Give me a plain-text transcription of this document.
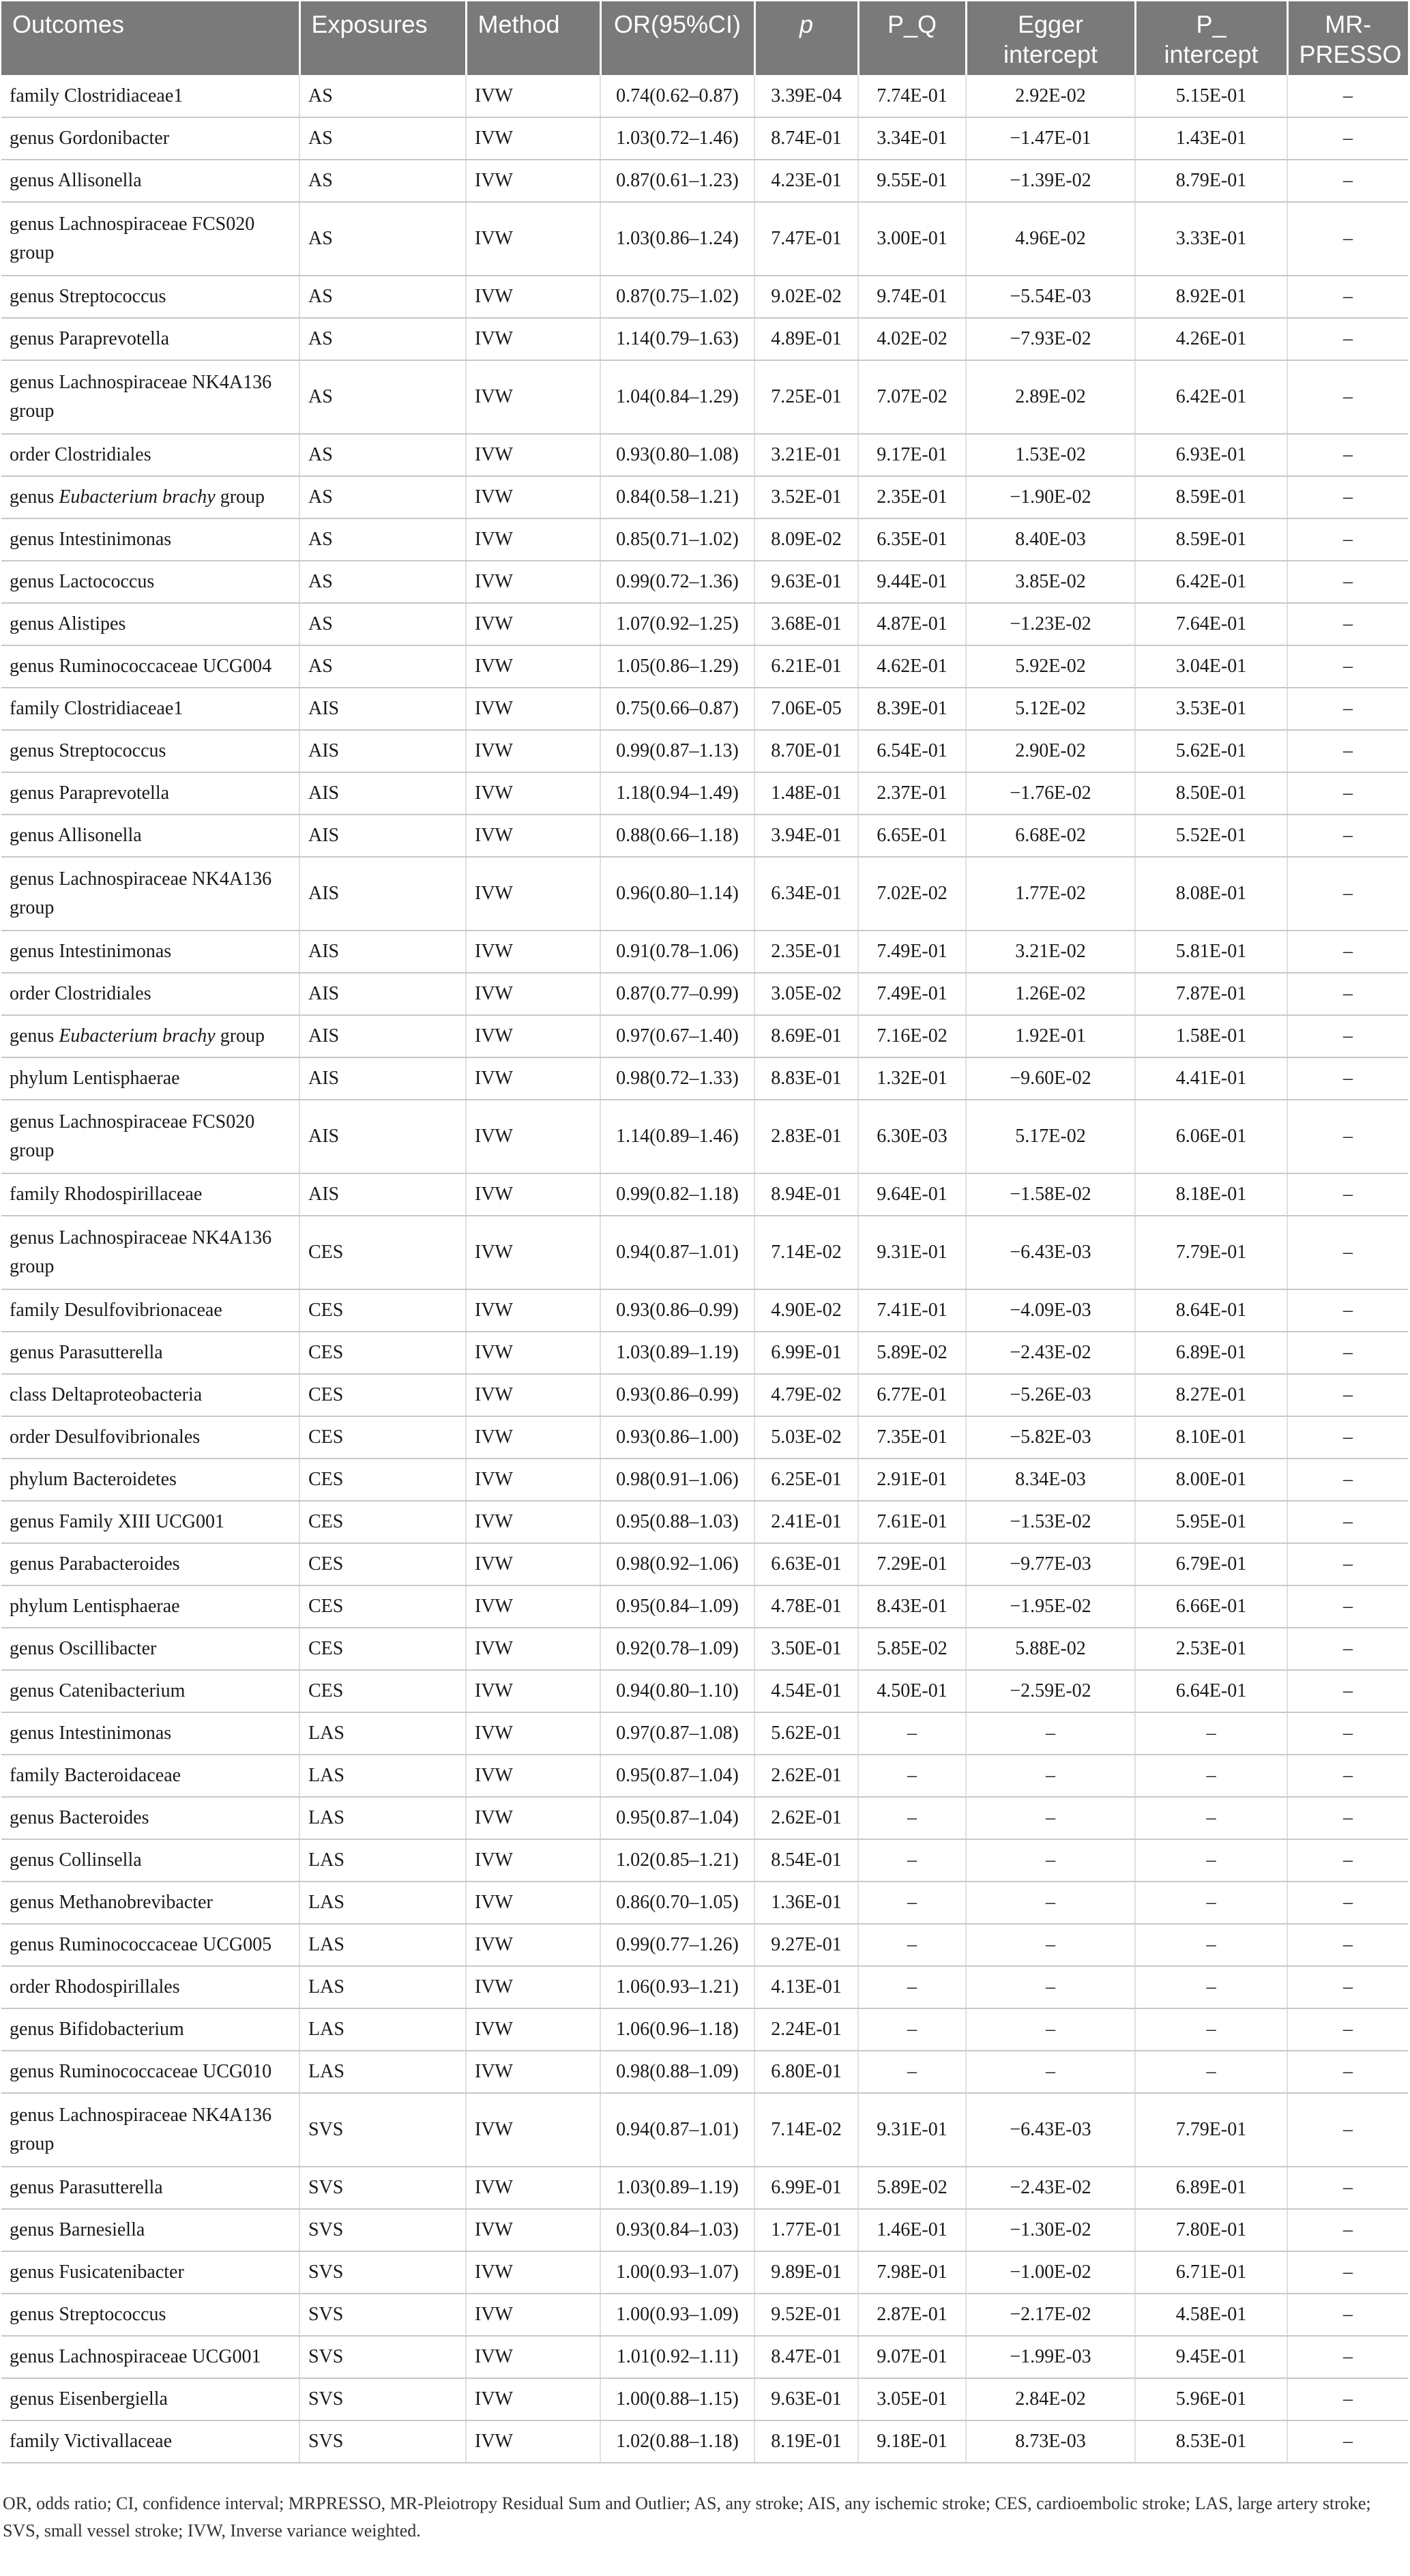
Outcomes	Exposures	Method	OR(95%CI)	p	P_Q	Egger intercept	P_ intercept	MR-PRESSO
family Clostridiaceae1	AS	IVW	0.74(0.62–0.87)	3.39E-04	7.74E-01	2.92E-02	5.15E-01	–
genus Gordonibacter	AS	IVW	1.03(0.72–1.46)	8.74E-01	3.34E-01	−1.47E-01	1.43E-01	–
genus Allisonella	AS	IVW	0.87(0.61–1.23)	4.23E-01	9.55E-01	−1.39E-02	8.79E-01	–
genus Lachnospiraceae FCS020 group	AS	IVW	1.03(0.86–1.24)	7.47E-01	3.00E-01	4.96E-02	3.33E-01	–
genus Streptococcus	AS	IVW	0.87(0.75–1.02)	9.02E-02	9.74E-01	−5.54E-03	8.92E-01	–
genus Paraprevotella	AS	IVW	1.14(0.79–1.63)	4.89E-01	4.02E-02	−7.93E-02	4.26E-01	–
genus Lachnospiraceae NK4A136 group	AS	IVW	1.04(0.84–1.29)	7.25E-01	7.07E-02	2.89E-02	6.42E-01	–
order Clostridiales	AS	IVW	0.93(0.80–1.08)	3.21E-01	9.17E-01	1.53E-02	6.93E-01	–
genus Eubacterium brachy group	AS	IVW	0.84(0.58–1.21)	3.52E-01	2.35E-01	−1.90E-02	8.59E-01	–
genus Intestinimonas	AS	IVW	0.85(0.71–1.02)	8.09E-02	6.35E-01	8.40E-03	8.59E-01	–
genus Lactococcus	AS	IVW	0.99(0.72–1.36)	9.63E-01	9.44E-01	3.85E-02	6.42E-01	–
genus Alistipes	AS	IVW	1.07(0.92–1.25)	3.68E-01	4.87E-01	−1.23E-02	7.64E-01	–
genus Ruminococcaceae UCG004	AS	IVW	1.05(0.86–1.29)	6.21E-01	4.62E-01	5.92E-02	3.04E-01	–
family Clostridiaceae1	AIS	IVW	0.75(0.66–0.87)	7.06E-05	8.39E-01	5.12E-02	3.53E-01	–
genus Streptococcus	AIS	IVW	0.99(0.87–1.13)	8.70E-01	6.54E-01	2.90E-02	5.62E-01	–
genus Paraprevotella	AIS	IVW	1.18(0.94–1.49)	1.48E-01	2.37E-01	−1.76E-02	8.50E-01	–
genus Allisonella	AIS	IVW	0.88(0.66–1.18)	3.94E-01	6.65E-01	6.68E-02	5.52E-01	–
genus Lachnospiraceae NK4A136 group	AIS	IVW	0.96(0.80–1.14)	6.34E-01	7.02E-02	1.77E-02	8.08E-01	–
genus Intestinimonas	AIS	IVW	0.91(0.78–1.06)	2.35E-01	7.49E-01	3.21E-02	5.81E-01	–
order Clostridiales	AIS	IVW	0.87(0.77–0.99)	3.05E-02	7.49E-01	1.26E-02	7.87E-01	–
genus Eubacterium brachy group	AIS	IVW	0.97(0.67–1.40)	8.69E-01	7.16E-02	1.92E-01	1.58E-01	–
phylum Lentisphaerae	AIS	IVW	0.98(0.72–1.33)	8.83E-01	1.32E-01	−9.60E-02	4.41E-01	–
genus Lachnospiraceae FCS020 group	AIS	IVW	1.14(0.89–1.46)	2.83E-01	6.30E-03	5.17E-02	6.06E-01	–
family Rhodospirillaceae	AIS	IVW	0.99(0.82–1.18)	8.94E-01	9.64E-01	−1.58E-02	8.18E-01	–
genus Lachnospiraceae NK4A136 group	CES	IVW	0.94(0.87–1.01)	7.14E-02	9.31E-01	−6.43E-03	7.79E-01	–
family Desulfovibrionaceae	CES	IVW	0.93(0.86–0.99)	4.90E-02	7.41E-01	−4.09E-03	8.64E-01	–
genus Parasutterella	CES	IVW	1.03(0.89–1.19)	6.99E-01	5.89E-02	−2.43E-02	6.89E-01	–
class Deltaproteobacteria	CES	IVW	0.93(0.86–0.99)	4.79E-02	6.77E-01	−5.26E-03	8.27E-01	–
order Desulfovibrionales	CES	IVW	0.93(0.86–1.00)	5.03E-02	7.35E-01	−5.82E-03	8.10E-01	–
phylum Bacteroidetes	CES	IVW	0.98(0.91–1.06)	6.25E-01	2.91E-01	8.34E-03	8.00E-01	–
genus Family XIII UCG001	CES	IVW	0.95(0.88–1.03)	2.41E-01	7.61E-01	−1.53E-02	5.95E-01	–
genus Parabacteroides	CES	IVW	0.98(0.92–1.06)	6.63E-01	7.29E-01	−9.77E-03	6.79E-01	–
phylum Lentisphaerae	CES	IVW	0.95(0.84–1.09)	4.78E-01	8.43E-01	−1.95E-02	6.66E-01	–
genus Oscillibacter	CES	IVW	0.92(0.78–1.09)	3.50E-01	5.85E-02	5.88E-02	2.53E-01	–
genus Catenibacterium	CES	IVW	0.94(0.80–1.10)	4.54E-01	4.50E-01	−2.59E-02	6.64E-01	–
genus Intestinimonas	LAS	IVW	0.97(0.87–1.08)	5.62E-01	–	–	–	–
family Bacteroidaceae	LAS	IVW	0.95(0.87–1.04)	2.62E-01	–	–	–	–
genus Bacteroides	LAS	IVW	0.95(0.87–1.04)	2.62E-01	–	–	–	–
genus Collinsella	LAS	IVW	1.02(0.85–1.21)	8.54E-01	–	–	–	–
genus Methanobrevibacter	LAS	IVW	0.86(0.70–1.05)	1.36E-01	–	–	–	–
genus Ruminococcaceae UCG005	LAS	IVW	0.99(0.77–1.26)	9.27E-01	–	–	–	–
order Rhodospirillales	LAS	IVW	1.06(0.93–1.21)	4.13E-01	–	–	–	–
genus Bifidobacterium	LAS	IVW	1.06(0.96–1.18)	2.24E-01	–	–	–	–
genus Ruminococcaceae UCG010	LAS	IVW	0.98(0.88–1.09)	6.80E-01	–	–	–	–
genus Lachnospiraceae NK4A136 group	SVS	IVW	0.94(0.87–1.01)	7.14E-02	9.31E-01	−6.43E-03	7.79E-01	–
genus Parasutterella	SVS	IVW	1.03(0.89–1.19)	6.99E-01	5.89E-02	−2.43E-02	6.89E-01	–
genus Barnesiella	SVS	IVW	0.93(0.84–1.03)	1.77E-01	1.46E-01	−1.30E-02	7.80E-01	–
genus Fusicatenibacter	SVS	IVW	1.00(0.93–1.07)	9.89E-01	7.98E-01	−1.00E-02	6.71E-01	–
genus Streptococcus	SVS	IVW	1.00(0.93–1.09)	9.52E-01	2.87E-01	−2.17E-02	4.58E-01	–
genus Lachnospiraceae UCG001	SVS	IVW	1.01(0.92–1.11)	8.47E-01	9.07E-01	−1.99E-03	9.45E-01	–
genus Eisenbergiella	SVS	IVW	1.00(0.88–1.15)	9.63E-01	3.05E-01	2.84E-02	5.96E-01	–
family Victivallaceae	SVS	IVW	1.02(0.88–1.18)	8.19E-01	9.18E-01	8.73E-03	8.53E-01	–
OR, odds ratio; CI, confidence interval; MRPRESSO, MR-Pleiotropy Residual Sum and Outlier; AS, any stroke; AIS, any ischemic stroke; CES, cardioembolic stroke; LAS, large artery stroke; SVS, small vessel stroke; IVW, Inverse variance weighted.
